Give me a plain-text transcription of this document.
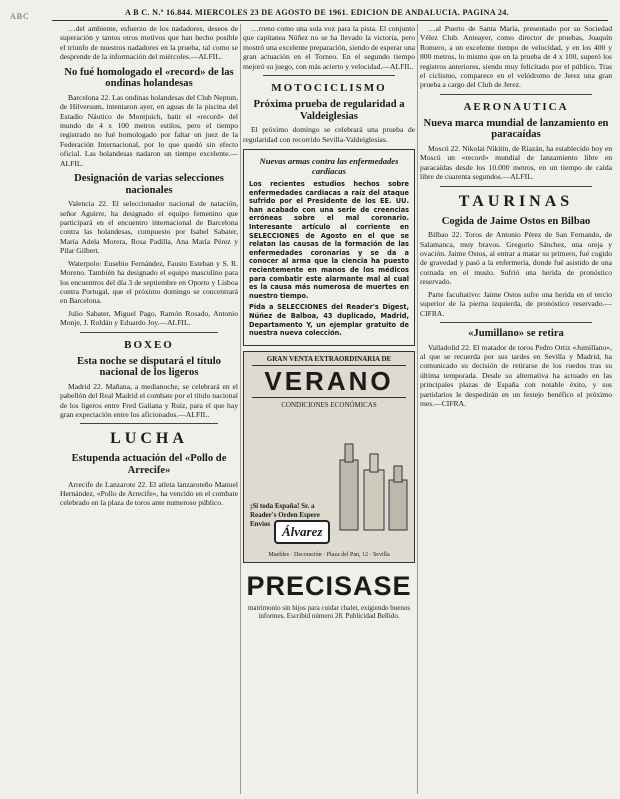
ABC	A B C. N.º 16.844. MIERCOLES 23 DE AGOSTO DE 1961. EDICION DE ANDALUCIA. PAGINA 24.

…del ambiente, esfuerzo de los nadadores, deseos de superación y tantos otros motivos que han hecho posible el triunfo de nuestros nadadores en la prueba, tal como se desprende de la información del miércoles.—ALFIL.

No fué homologado el «record» de las ondinas holandesas

Barcelona 22. Las ondinas holandesas del Club Neptun, de Hilversum, intentaron ayer, en aguas de la piscina del Estadio Náutico de Montjuich, batir el «record» del mundo de 4 x 100 metros estilos, pero el tiempo registrado no fué homologado por faltar un juez de la Federación Internacional, por lo que quedó sin efecto oficial. Las holandesas nadaron un tiempo excelente.—ALFIL.

Designación de varias selecciones nacionales

Valencia 22. El seleccionador nacional de natación, señor Aguirre, ha designado el equipo femenino que participará en el encuentro internacional de Barcelona contra las holandesas, compuesto por Isabel Sabater, María Adela Morera, Rosa Padilla, Ana María Pérez y Pilar Gilbert.

Waterpolo: Eusebio Fernández, Fausto Esteban y S. R. Moreno. También ha designado el equipo masculino para los encuentros del día 3 de septiembre en Oporto y Lisboa contra Portugal, que el próximo domingo se concentrará en Barcelona.

Julio Sabater, Miguel Pago, Ramón Rosado, Antonio Monje, J. Roldán y Eduardo Joy.—ALFIL.

BOXEO
Esta noche se disputará el título nacional de los ligeros

Madrid 22. Mañana, a medianoche, se celebrará en el pabellón del Real Madrid el combate por el título nacional de los ligeros entre Fred Galiana y Ruiz, para el que hay gran expectación entre los aficionados.—ALFIL.

LUCHA
Estupenda actuación del «Pollo de Arrecife»

Arrecife de Lanzarote 22. El atleta lanzaroteño Manuel Hernández, «Pollo de Arrecife», ha vencido en el combate celebrado en la plaza de toros ante numeroso público.

…rreno como una sola voz para la pista. El conjunto que capitanea Núñez no se ha llevado la victoria, pero mostró una excelente preparación, siendo de esperar una gran actuación en el Torneo. En el segundo tiempo mejoró su juego, con más acierto y velocidad.—ALFIL.

MOTOCICLISMO
Próxima prueba de regularidad a Valdeiglesias

El próximo domingo se celebrará una prueba de regularidad con recorrido Sevilla-Valdeiglesias.

Nuevas armas contra las enfermedades cardiacas

Los recientes estudios hechos sobre enfermedades cardiacas a raíz del ataque sufrido por el Presidente de los EE. UU. han acabado con una serie de creencias erróneas sobre el mal coronario. Interesante artículo al corriente en SELECCIONES de Agosto en el que se relatan las causas de la formación de las enfermedades coronarias y se da a conocer al arma que la ciencia ha puesto recientemente en manos de los médicos para combatir este alarmante mal al cual es la causa más numerosa de muertes en nuestro tiempo.

Pida a SELECCIONES del Reader's Digest, Núñez de Balboa, 43 duplicado, Madrid, Departamento Y, un ejemplar gratuito de nuestra nueva colección.

GRAN VENTA EXTRAORDINARIA DE
VERANO
CONDICIONES ECONÓMICAS
¡Si toda España! Sr. a Reader's Orden Espere Envíos Álvarez
Muebles · Decoración · Plaza del Pan, 12 · Sevilla
PRECISASE

matrimonio sin hijos para cuidar chalet, exigiendo buenos informes. Escribid número 28. Publicidad Bellido.

…al Puerto de Santa María, presentado por su Sociedad Vélez Club. Anteayer, como director de pruebas, Joaquín Romero, a un excelente tiempo de velocidad, y en los 400 y 800 metros, lo mismo que en la prueba de 4 x 100, superó los registros anteriores, siendo muy felicitado por el público. Tras el ciclismo, comparece en el velódromo de Jerez una gran prueba a cargo del Club de Jerez.

AERONAUTICA
Nueva marca mundial de lanzamiento en paracaídas

Moscú 22. Nikolai Nikitin, de Riazán, ha establecido hoy en Moscú un «record» mundial de lanzamiento libre en paracaídas desde los 10.000 metros, en un tiempo de caída libre de cuarenta segundos.—ALFIL.

TAURINAS
Cogida de Jaime Ostos en Bilbao

Bilbao 22. Toros de Antonio Pérez de San Fernando, de Salamanca, muy bravos. Gregorio Sánchez, una oreja y ovación. Jaime Ostos, al entrar a matar su primero, fué cogido de gravedad y pasó a la enfermería, donde fué asistido de una cornada en el muslo. Sufrió una herida de pronóstico reservado.

Parte facultativo: Jaime Ostos sufre una herida en el tercio superior de la pierna izquierda, de pronóstico reservado.—CIFRA.

«Jumillano» se retira

Valladolid 22. El matador de toros Pedro Ortiz «Jumillano», al que se recuerda por sus tardes en Sevilla y Madrid, ha comunicado su decisión de retirarse de los ruedos tras su última temporada. Desde su alternativa ha actuado en las principales plazas de España con notable éxito, y sus partidarios le despedirán en un festejo benéfico el próximo mes.—CIFRA.
